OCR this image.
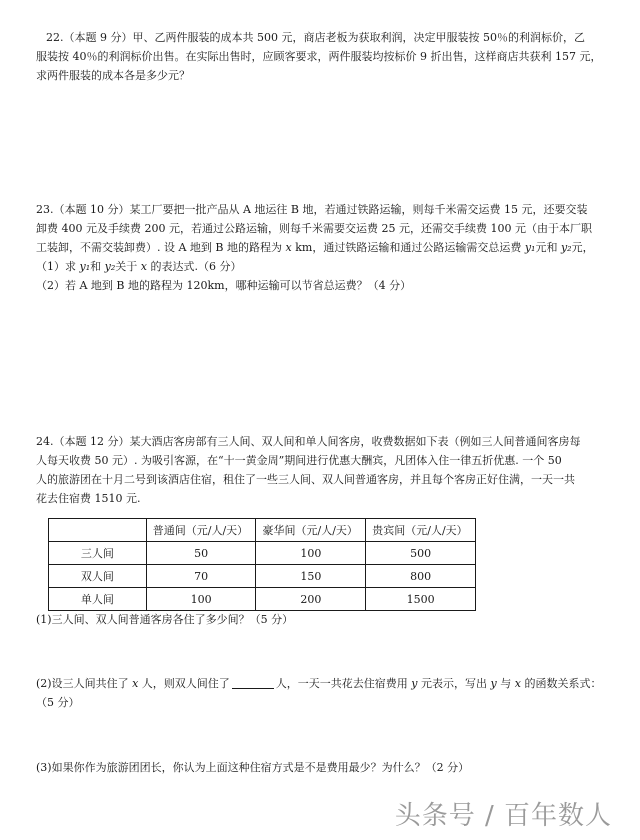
22.（本题 9 分）甲、乙两件服装的成本共 500 元，商店老板为获取利润，决定甲服装按 50％的利润标价，乙

服装按 40％的利润标价出售。在实际出售时，应顾客要求，两件服装均按标价 9 折出售，这样商店共获利 157 元，

求两件服装的成本各是多少元？

23.（本题 10 分）某工厂要把一批产品从 A 地运往 B 地，若通过铁路运输，则每千米需交运费 15 元，还要交装

卸费 400 元及手续费 200 元，若通过公路运输，则每千米需要交运费 25 元，还需交手续费 100 元（由于本厂职

工装卸，不需交装卸费）. 设 A 地到 B 地的路程为 x km，通过铁路运输和通过公路运输需交总运费 y₁元和 y₂元，

（1）求 y₁和 y₂关于 x 的表达式.（6 分）

（2）若 A 地到 B 地的路程为 120km，哪种运输可以节省总运费？（4 分）

24.（本题 12 分）某大酒店客房部有三人间、双人间和单人间客房，收费数据如下表（例如三人间普通间客房每

人每天收费 50 元）. 为吸引客源，在“十一黄金周”期间进行优惠大酬宾，凡团体入住一律五折优惠. 一个 50

人的旅游团在十月二号到该酒店住宿，租住了一些三人间、双人间普通客房，并且每个客房正好住满，一天一共

花去住宿费 1510 元.

	普通间（元/人/天）	豪华间（元/人/天）	贵宾间（元/人/天）
三人间	50	100	500
双人间	70	150	800
单人间	100	200	1500

(1)三人间、双人间普通客房各住了多少间？（5 分）

(2)设三人间共住了 x 人，则双人间住了	人，一天一共花去住宿费用 y 元表示，写出 y 与 x 的函数关系式：

（5 分）

(3)如果你作为旅游团团长，你认为上面这种住宿方式是不是费用最少？为什么？（2 分）

头条号 / 百年数人
